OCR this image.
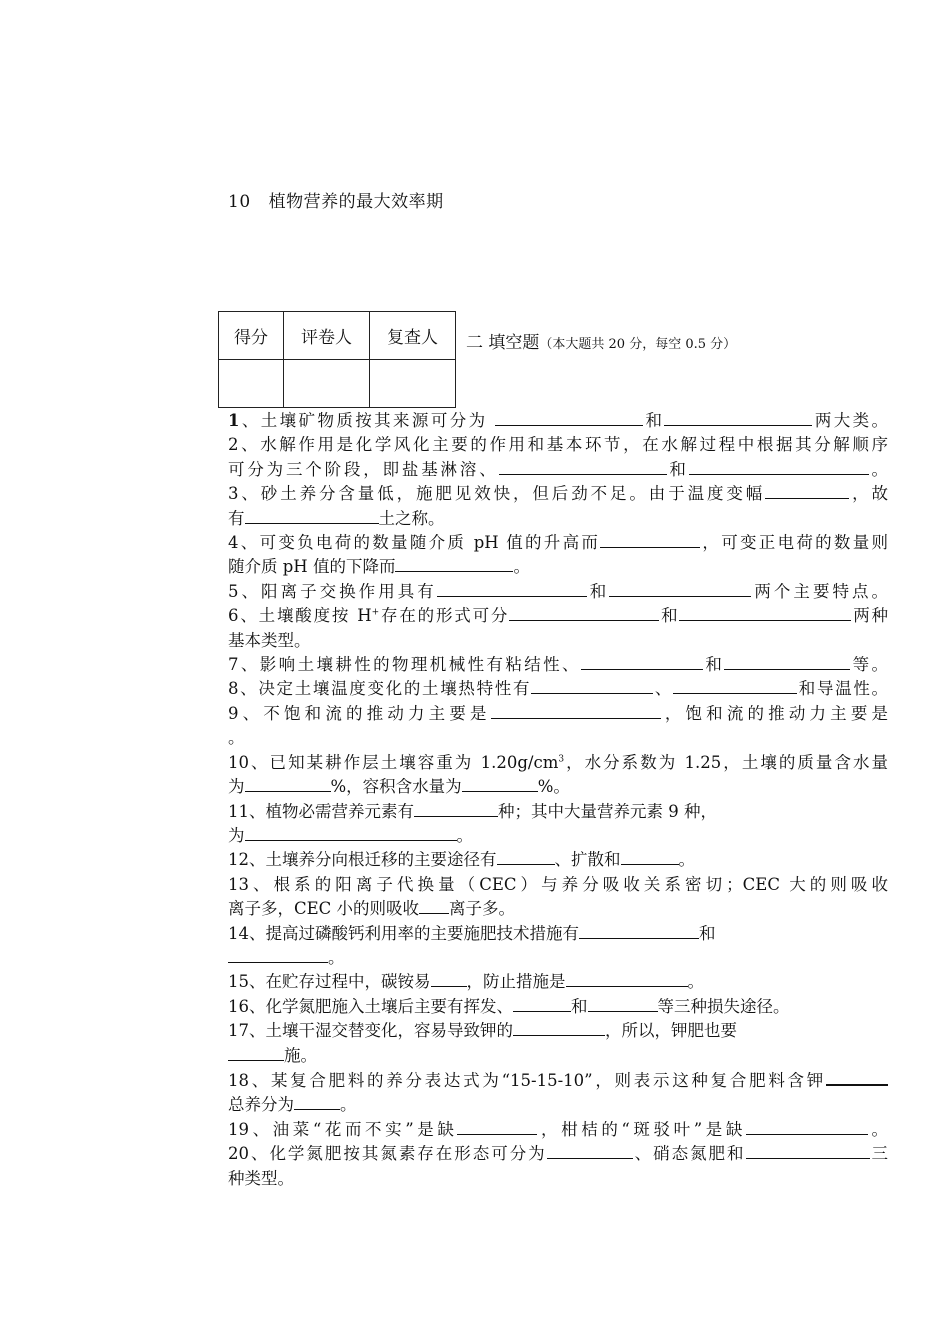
10 植物营养的最大效率期
得分	评卷人	复查人
		二 填空题（本大题共 20 分，每空 0.5 分）

1、土壤矿物质按其来源可分为	和	两大类。

2、水解作用是化学风化主要的作用和基本环节，在水解过程中根据其分解顺序

可分为三个阶段，即盐基淋溶、	和	。

3、砂土养分含量低，施肥见效快，但后劲不足。由于温度变幅	，故

有	土之称。

4、可变负电荷的数量随介质 pH 值的升高而	，可变正电荷的数量则

随介质 pH 值的下降而	。

5、阳离子交换作用具有	和	两个主要特点。

6、土壤酸度按 H+存在的形式可分	和	两种

基本类型。

7、影响土壤耕性的物理机械性有粘结性、	和	等。

8、决定土壤温度变化的土壤热特性有	、	和导温性。

9、不饱和流的推动力主要是	，饱和流的推动力主要是

。

10、已知某耕作层土壤容重为 $1.20g/cm^3$，水分系数为 1.25，土壤的质量含水量

为	%，容积含水量为	%。

11、植物必需营养元素有	种；其中大量营养元素 9 种，

为	。

12、土壤养分向根迁移的主要途径有	、扩散和	。

13、根系的阳离子代换量（CEC）与养分吸收关系密切；CEC 大的则吸收

离子多，CEC 小的则吸收 离子多。

14、提高过磷酸钙利用率的主要施肥技术措施有	和

。

15、在贮存过程中，碳铵易 ，防止措施是	。

16、化学氮肥施入土壤后主要有挥发、	和	等三种损失途径。

17、土壤干湿交替变化，容易导致钾的	，所以，钾肥也要

施。

18、某复合肥料的养分表达式为“15-15-10”，则表示这种复合肥料含钾

总养分为	。

19、油菜“花而不实”是缺	，柑桔的“斑驳叶”是缺	。

20、化学氮肥按其氮素存在形态可分为	、硝态氮肥和	三

种类型。
